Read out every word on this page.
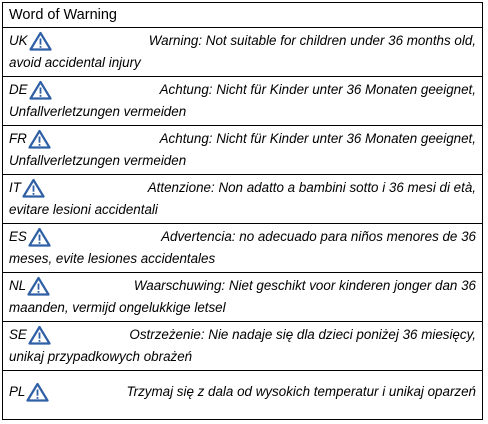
Word of Warning
UK	Warning: Not suitable for children under 36 months old,
avoid accidental injury
DE	Achtung: Nicht für Kinder unter 36 Monaten geeignet,
Unfallverletzungen vermeiden
FR	Achtung: Nicht für Kinder unter 36 Monaten geeignet,
Unfallverletzungen vermeiden
IT	Attenzione: Non adatto a bambini sotto i 36 mesi di età,
evitare lesioni accidentali
ES	Advertencia: no adecuado para niños menores de 36
meses, evite lesiones accidentales
NL	Waarschuwing: Niet geschikt voor kinderen jonger dan 36
maanden, vermijd ongelukkige letsel
SE	Ostrzeżenie: Nie nadaje się dla dzieci poniżej 36 miesięcy,
unikaj przypadkowych obrażeń
PL	Trzymaj się z dala od wysokich temperatur i unikaj oparzeń
